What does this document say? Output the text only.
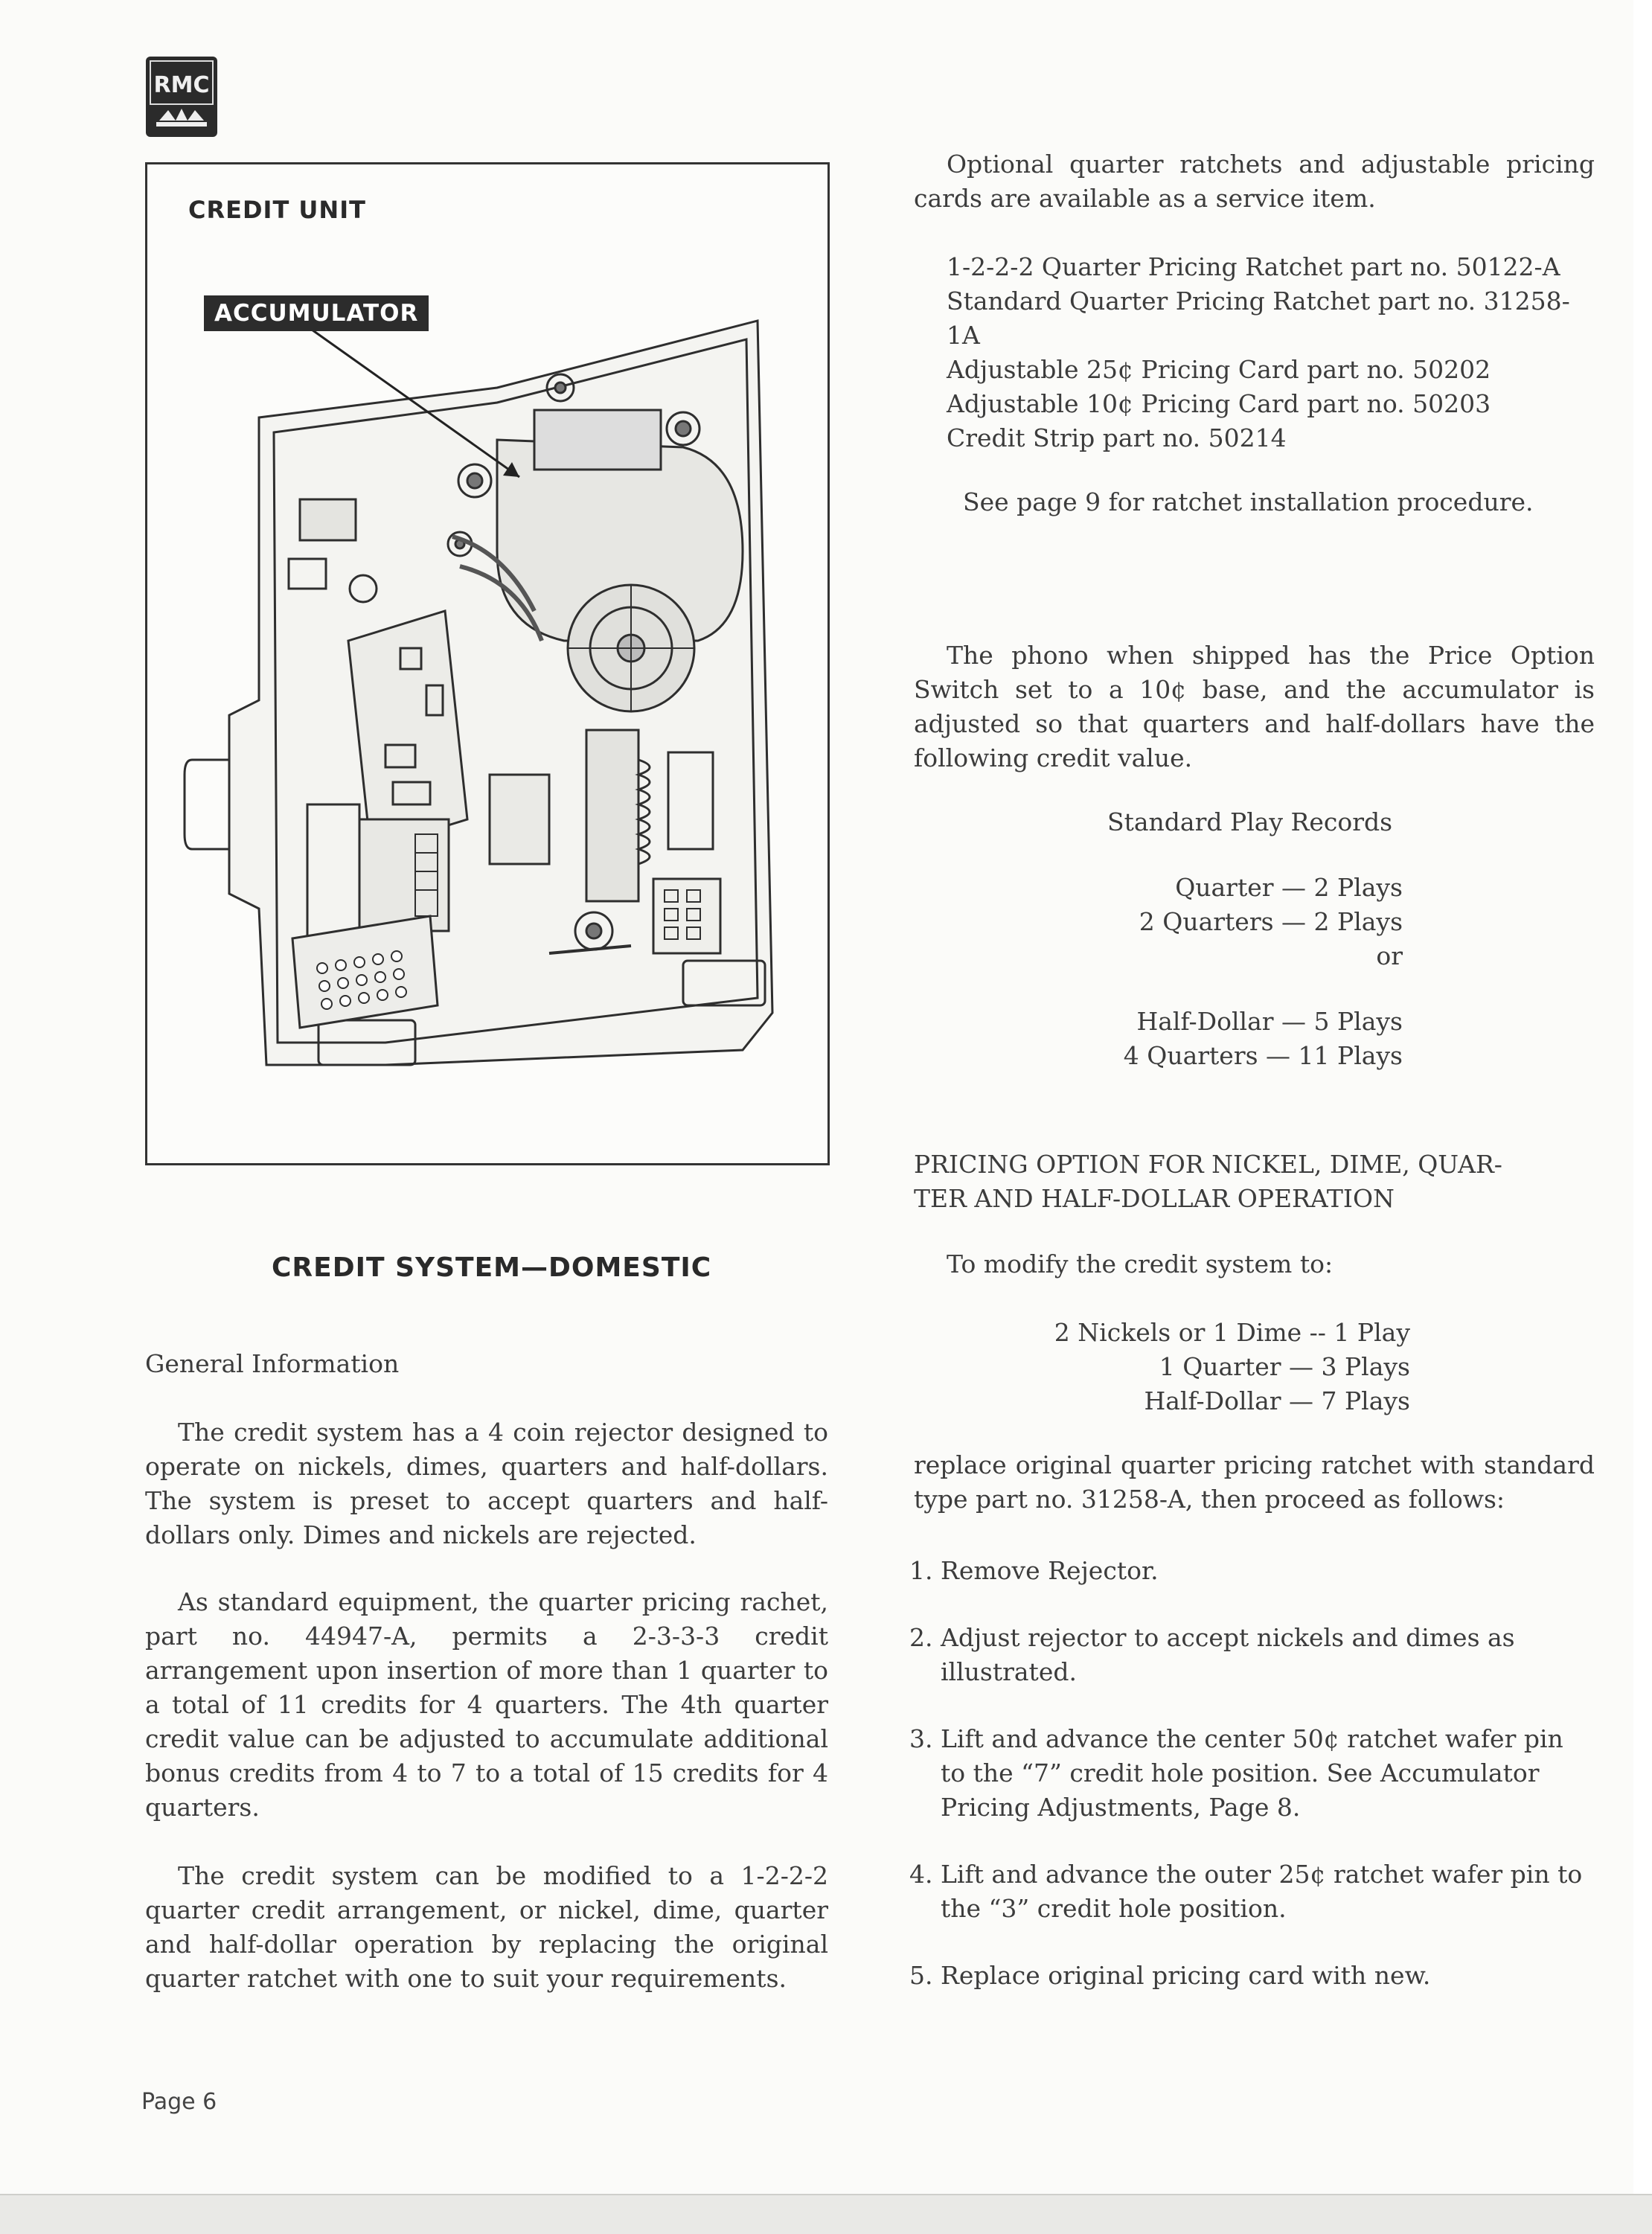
RMC
CREDIT UNIT
ACCUMULATOR
CREDIT SYSTEM—DOMESTIC
General Information
The credit system has a 4 coin rejector designed to operate on nickels, dimes, quarters and half-dollars. The system is preset to accept quarters and half-dollars only. Dimes and nickels are rejected.
As standard equipment, the quarter pricing rachet, part no. 44947-A, permits a 2-3-3-3 credit arrangement upon insertion of more than 1 quarter to a total of 11 credits for 4 quarters. The 4th quarter credit value can be adjusted to accumulate additional bonus credits from 4 to 7 to a total of 15 credits for 4 quarters.
The credit system can be modified to a 1-2-2-2 quarter credit arrangement, or nickel, dime, quarter and half-dollar operation by replacing the original quarter ratchet with one to suit your requirements.
Optional quarter ratchets and adjustable pricing cards are available as a service item.
1-2-2-2 Quarter Pricing Ratchet part no. 50122-A
Standard Quarter Pricing Ratchet part no. 31258-1A
Adjustable 25¢ Pricing Card part no. 50202
Adjustable 10¢ Pricing Card part no. 50203
Credit Strip part no. 50214
See page 9 for ratchet installation procedure.
The phono when shipped has the Price Option Switch set to a 10¢ base, and the accumulator is adjusted so that quarters and half-dollars have the following credit value.
Standard Play Records
Quarter — 2 Plays
2 Quarters — 2 Plays
or
Half-Dollar — 5 Plays
4 Quarters — 11 Plays
PRICING OPTION FOR NICKEL, DIME, QUAR-
TER AND HALF-DOLLAR OPERATION
To modify the credit system to:
2 Nickels or 1 Dime -- 1 Play
1 Quarter — 3 Plays
Half-Dollar — 7 Plays
replace original quarter pricing ratchet with standard type part no. 31258-A, then proceed as follows:
1. Remove Rejector.
2. Adjust rejector to accept nickels and dimes as illustrated.
3. Lift and advance the center 50¢ ratchet wafer pin to the “7” credit hole position. See Accumulator Pricing Adjustments, Page 8.
4. Lift and advance the outer 25¢ ratchet wafer pin to the “3” credit hole position.
5. Replace original pricing card with new.
Page 6
